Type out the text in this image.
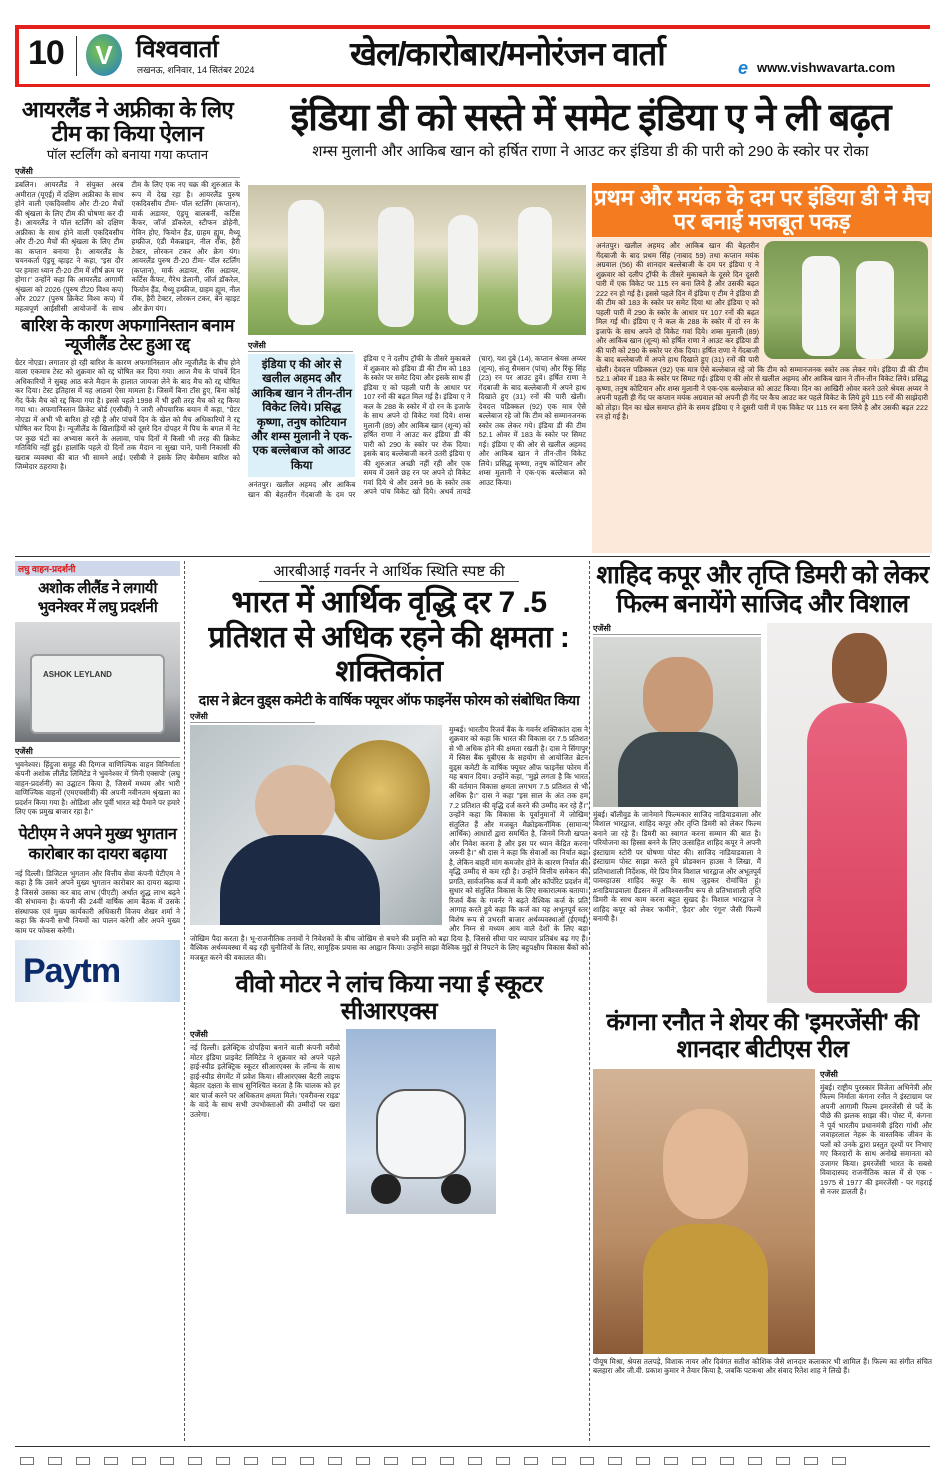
10	V विश्ववार्ता
लखनऊ, शनिवार, 14 सितंबर 2024	खेल/कारोबार/मनोरंजन वार्ता	e www.vishwavarta.com
आयरलैंड ने अफ्रीका के लिए टीम का किया ऐलान
पॉल स्टर्लिंग को बनाया गया कप्तान
एजेंसी
डबलिन। आयरलैंड ने संयुक्त अरब अमीरात (यूएई) में दक्षिण अफ्रीका के साथ होने वाली एकदिवसीय और टी-20 मैचों की श्रृंखला के लिए टीम की घोषणा कर दी है। आयरलैंड ने पॉल स्टर्लिंग को दक्षिण अफ्रीका के साथ होने वाली एकदिवसीय और टी-20 मैचों की श्रृंखला के लिए टीम का कप्तान बनाया है। आयरलैंड के चयनकर्ता एंड्रयू व्हाइट ने कहा, "इस दौर पर हमारा ध्यान टी-20 टीम में शीर्ष क्रम पर होगा।" उन्होंने कहा कि आयरलैंड आगामी श्रृंखला को 2026 (पुरुष टी20 विश्व कप) और 2027 (पुरुष क्रिकेट विश्व कप) में महत्वपूर्ण आईसीसी आयोजनों के साथ टीम के लिए एक नए चक्र की शुरुआत के रूप में देख रहा है। आयरलैंड पुरुष एकदिवसीय टीमः- पॉल स्टर्लिंग (कप्तान), मार्क अडायर, एंड्रयू बालबर्नी, कर्टिस कैंफर, जॉर्ज डॉकरेल, स्टीफन डोहेनी, गेविन होए, फियोन हैंड, ग्राहम ह्यूम, मैथ्यू हम्फ्रीज, एंडी मैकब्राइन, नील रॉक, हैरी टेक्टर, लोरकन टकर और क्रेग यंग। आयरलैंड पुरुष टी-20 टीमः- पॉल स्टर्लिंग (कप्तान), मार्क अडायर, रॉस अडायर, कर्टिस कैंफर, गैरेथ डेलानी, जॉर्ज डॉकरेल, फियोन हैंड, मैथ्यू हम्फ्रीज, ग्राहम ह्यूम, नील रॉक, हैरी टेक्टर, लोरकन टकर, बेन व्हाइट और क्रेग यंग।
बारिश के कारण अफगानिस्तान बनाम न्यूजीलैंड टेस्ट हुआ रद्द
ग्रेटर नोएडा। लगातार हो रही बारिश के कारण अफगानिस्तान और न्यूजीलैंड के बीच होने वाला एकमात्र टेस्ट को शुक्रवार को रद्द घोषित कर दिया गया। आज मैच के पांचवें दिन अधिकारियों ने सुबह आठ बजे मैदान के हालात जायजा लेने के बाद मैच को रद्द घोषित कर दिया। टेस्ट इतिहास में यह आठवां ऐसा मामला है। जिसमें बिना टॉस हुए, बिना कोई गेंद फेंके मैच को रद्द किया गया है। इससे पहले 1998 में भी इसी तरह मैच को रद्द किया गया था। अफगानिस्तान क्रिकेट बोर्ड (एसीबी) ने जारी औपचारिक बयान में कहा, "ग्रेटर नोएडा में अभी भी बारिश हो रही है और पांचवें दिन के खेल को मैच अधिकारियों ने रद्द घोषित कर दिया है। न्यूजीलैंड के खिलाड़ियों को दूसरे दिन दोपहर में पिच के बगल में नेट पर कुछ घंटों का अभ्यास करने के अलावा, पांच दिनों में किसी भी तरह की क्रिकेट गतिविधि नहीं हुई। हालांकि पहले दो दिनों तक मैदान ना सुखा पाने, पानी निकासी की खराब व्यवस्था की बात भी सामने आई। एसीबी ने इसके लिए बेमौसम बारिश को जिम्मेदार ठहराया है।
इंडिया डी को सस्ते में समेट इंडिया ए ने ली बढ़त
शम्स मुलानी और आकिब खान को हर्षित राणा ने आउट कर इंडिया डी की पारी को 290 के स्कोर पर रोका
एजेंसी
इंडिया ए की ओर से खलील अहमद और आकिब खान ने तीन-तीन विकेट लिये। प्रसिद्ध कृष्णा, तनुष कोटियान और शम्स मुलानी ने एक-एक बल्लेबाज को आउट किया
अनंतपुर। खलील अहमद और आकिब खान की बेहतरीन गेंदबाजी के दम पर इंडिया ए ने दलीप ट्रॉफी के तीसरे मुकाबले में शुक्रवार को इंडिया डी की टीम को 183 के स्कोर पर समेट दिया और इसके साथ ही इंडिया ए को पहली पारी के आधार पर 107 रनों की बढ़त मिल गई है। इंडिया ए ने कल के 288 के स्कोर में दो रन के इजाफे के साथ अपने दो विकेट गवां दिये। शम्स मुलानी (89) और आकिब खान (शून्य) को हर्षित राणा ने आउट कर इंडिया डी की पारी को 290 के स्कोर पर रोक दिया। इसके बाद बल्लेबाजी करने उतरी इंडिया ए की शुरुआत अच्छी नहीं रही और एक समय में उसने छह रन पर अपने दो विकेट गवां दिये थे और उसने 96 के स्कोर तक अपने पांच विकेट खो दिये। अथर्व तायडे (चार), यश दुबे (14), कप्तान श्रेयस अय्यर (शून्य), संजू सैमसन (पांच) और रिंकू सिंह (23) रन पर आउट हुये। हर्षित राणा ने गेंदबाजी के बाद बल्लेबाजी में अपने हाथ दिखाते हुए (31) रनों की पारी खेली। देवदत्त पडिक्कल (92) एक मात्र ऐसे बल्लेबाज रहे जो कि टीम को सम्मानजनक स्कोर तक लेकर गये। इंडिया डी की टीम 52.1 ओवर में 183 के स्कोर पर सिमट गई। इंडिया ए की ओर से खलील अहमद और आकिब खान ने तीन-तीन विकेट लिये। प्रसिद्ध कृष्णा, तनुष कोटियान और शम्स मुलानी ने एक-एक बल्लेबाज को आउट किया।
प्रथम और मयंक के दम पर इंडिया डी ने मैच पर बनाई मजबूत पकड़
अनंतपुर। खलील अहमद और आकिब खान की बेहतरीन गेंदबाजी के बाद प्रथम सिंह (नाबाद 59) तथा कप्तान मयंक अग्रवाल (56) की शानदार बल्लेबाजी के दम पर इंडिया ए ने शुक्रवार को दलीप ट्रॉफी के तीसरे मुकाबले के दूसरे दिन दूसरी पारी में एक विकेट पर 115 रन बना लिये है और उसकी बढ़त 222 रन हो गई है। इससे पहले दिन में इंडिया ए टीम ने इंडिया डी की टीम को 183 के स्कोर पर समेट दिया था और इंडिया ए को पहली पारी में 290 के स्कोर के आधार पर 107 रनों की बढ़त मिल गई थी। इंडिया ए ने कल के 288 के स्कोर में दो रन के इजाफे के साथ अपने दो विकेट गवां दिये। शम्स मुलानी (89) और आकिब खान (शून्य) को हर्षित राणा ने आउट कर इंडिया डी की पारी को 290 के स्कोर पर रोक दिया। हर्षित राणा ने गेंदबाजी के बाद बल्लेबाजी में अपने हाथ दिखाते हुए (31) रनों की पारी खेली। देवदत्त पडिक्कल (92) एक मात्र ऐसे बल्लेबाज रहे जो कि टीम को सम्मानजनक स्कोर तक लेकर गये। इंडिया डी की टीम 52.1 ओवर में 183 के स्कोर पर सिमट गई। इंडिया ए की ओर से खलील अहमद और आकिब खान ने तीन-तीन विकेट लिये। प्रसिद्ध कृष्णा, तनुष कोटियान और शम्स मुलानी ने एक-एक बल्लेबाज को आउट किया। दिन का आखिरी ओवर करने उतरे श्रेयस अय्यर ने अपनी पहली ही गेंद पर कप्तान मयंक अग्रवाल को अपनी ही गेंद पर कैच आउट कर पहले विकेट के लिये हुये 115 रनों की साझेदारी को तोड़ा। दिन का खेल समाप्त होने के समय इंडिया ए ने दूसरी पारी में एक विकेट पर 115 रन बना लिये है और उसकी बढ़त 222 रन हो गई है।
लघु वाहन-प्रदर्शनी
अशोक लीलैंड ने लगायी भुवनेश्वर में लघु प्रदर्शनी
ASHOK LEYLAND
एजेंसी
भुवनेश्वर। हिंदुजा समूह की दिग्गज वाणिज्यिक वाहन विनिर्माता कंपनी अशोक लीलैंड लिमिटेड ने भुवनेश्वर में 'मिनी एक्सपो' (लघु वाहन-प्रदर्शनी) का उद्घाटन किया है, जिसमें मध्यम और भारी वाणिज्यिक वाहनों (एमएचसीवी) की अपनी नवीनतम श्रृंखला का प्रदर्शन किया गया है। ओडिशा और पूर्वी भारत बड़े पैमाने पर हमारे लिए एक प्रमुख बाजार रहा है।"
पेटीएम ने अपने मुख्य भुगतान कारोबार का दायरा बढ़ाया
नई दिल्ली। डिजिटल भुगतान और वित्तीय सेवा कंपनी पेटीएम ने कहा है कि उसने अपने मुख्य भुगतान कारोबार का दायरा बढ़ाया है जिससे उसका कर बाद लाभ (पीएटी) अर्थात शुद्ध लाभ बढ़ने की संभावना है। कंपनी की 24वीं वार्षिक आम बैठक में उसके संस्थापक एवं मुख्य कार्यकारी अधिकारी विजय शेखर शर्मा ने कहा कि कंपनी सभी नियमों का पालन करेगी और अपने मुख्य काम पर फोकस करेगी।
Paytm
आरबीआई गवर्नर ने आर्थिक स्थिति स्पष्ट की
भारत में आर्थिक वृद्धि दर 7 .5 प्रतिशत से अधिक रहने की क्षमता : शक्तिकांत
दास ने ब्रेटन वुड्स कमेटी के वार्षिक फ्यूचर ऑफ फाइनेंस फोरम को संबोधित किया
एजेंसी
मुम्बई। भारतीय रिजर्व बैंक के गवर्नर शक्तिकांत दास ने शुक्रवार को कहा कि भारत की विकास दर 7.5 प्रतिशत से भी अधिक होने की क्षमता रखती है। दास ने सिंगापुर में स्विस बैंक यूबीएस के सहयोग से आयोजित ब्रेटन वुड्स कमेटी के वार्षिक फ्यूचर ऑफ फाइनेंस फोरम में यह बयान दिया। उन्होंने कहा, "मुझे लगता है कि भारत की वर्तमान विकास क्षमता लगभग 7.5 प्रतिशत से भी अधिक है।" दास ने कहा "इस साल के अंत तक हम 7.2 प्रतिशत की वृद्धि दर्ज करने की उम्मीद कर रहे हैं।" उन्होंने कहा कि विकास के पूर्वानुमानों में जोखिम संतुलित हैं और मजबूत मैक्रोइकनॉमिक (सामान्य आर्थिक) आधारों द्वारा समर्थित है, जिनमें निजी खपत और निवेश करना है और इस पर ध्यान केंद्रित करना जरूरी है।" श्री दास ने कहा कि सेवाओं का निर्यात बढ़ा है, लेकिन बाहरी मांग कमजोर होने के कारण निर्यात की वृद्धि उम्मीद से कम रही है। उन्होंने वित्तीय समेकन की प्रगति, सार्वजनिक कर्ज में कमी और कॉर्पोरेट प्रदर्शन में सुधार को संतुलित विकास के लिए सकारात्मक बताया। रिजर्व बैंक के गवर्नर ने बढ़ते वैश्विक कर्ज के प्रति आगाह करते हुये कहा कि कर्ज का यह अभूतपूर्व स्तर विशेष रूप से उभरती बाजार अर्थव्यवस्थाओं (ईएमई) और निम्न से मध्यम आय वाले देशों के लिए बड़ा जोखिम पैदा करता है। भू-राजनीतिक तनावों ने निवेशकों के बीच जोखिम से बचने की प्रवृत्ति को बढ़ा दिया है, जिससे सीमा पार व्यापार प्रतिबंध बढ़ गए हैं। वैश्विक अर्थव्यवस्था में बढ़ रही चुनौतियों के लिए, सामूहिक प्रयास का आह्वान किया। उन्होंने साझा वैश्विक मुद्दों से निपटने के लिए बहुपक्षीय विकास बैंकों को मजबूत करने की वकालत की।
वीवो मोटर ने लांच किया नया ई स्कूटर सीआरएक्स
एजेंसी
नई दिल्ली। इलेक्ट्रिक दोपहिया बनाने वाली कंपनी वरीवो मोटर इंडिया प्राइवेट लिमिटेड ने शुक्रवार को अपने पहले हाई-स्पीड इलेक्ट्रिक स्कूटर सीआरएक्स के लॉन्च के साथ हाई-स्पीड सेगमेंट में प्रवेश किया। सीआरएक्स बैटरी लाइफ बेहतर दक्षता के साथ सुनिश्चित करता है कि चालक को हर बार चार्ज करने पर अधिकतम क्षमता मिले। 'एवरीवन्स राइड' के वादे के साथ सभी उपभोक्ताओं की उम्मीदों पर खरा उतरेगा।
शाहिद कपूर और तृप्ति डिमरी को लेकर फिल्म बनायेंगे साजिद और विशाल
एजेंसी
मुंबई। बॉलीवुड के जानेमाने फिल्मकार साजिद नाडियाडवाला और विशाल भारद्वाज, शाहिद कपूर और तृप्ति डिमरी को लेकर फिल्म बनाने जा रहे हैं। डिमरी का स्वागत करना सम्मान की बात है। परियोजना का हिस्सा बनने के लिए उत्साहित शाहिद कपूर ने अपनी इंस्टाग्राम स्टोरी पर घोषणा पोस्ट की। साजिद नाडियाडवाला ने इंस्टाग्राम पोस्ट साझा करते हुये प्रोडक्शन हाउस ने लिखा, मैं प्रतिभाशाली निर्देशक, मेरे प्रिय मित्र विशाल भारद्वाज और अभूतपूर्व पावरहाउस शाहिद कपूर के साथ जुड़कर रोमांचित हूं। #नाडियाडवाला ग्रैंडसन में अविश्वसनीय रूप से प्रतिभाशाली तृप्ति डिमरी के साथ काम करना बहुत सुखद है। विशाल भारद्वाज ने शाहिद कपूर को लेकर 'कमीने', 'हैदर' और 'रंगून' जैसी फिल्में बनायी है।
कंगना रनौत ने शेयर की 'इमरजेंसी' की शानदार बीटीएस रील
एजेंसी
मुंबई। राष्ट्रीय पुरस्कार विजेता अभिनेत्री और फिल्म निर्माता कंगना रनौत ने इंस्टाग्राम पर अपनी आगामी फिल्म इमरजेंसी से पर्दे के पीछे की झलक साझा की। पोस्ट में, कंगना ने पूर्व भारतीय प्रधानमंत्री इंदिरा गांधी और जवाहरलाल नेहरू के वास्तविक जीवन के पलों को उनके द्वारा प्रस्तुत दृश्यों पर निभाए गए किरदारों के साथ अनोखे समानता को उजागर किया। इमरजेंसी भारत के सबसे विवादास्पद राजनीतिक काल में से एक - 1975 से 1977 की इमरजेंसी - पर गहराई से नजर डालती है।
पीयूष मिश्रा, श्रेयस तलपड़े, विशाक नायर और दिवंगत सतीश कौशिक जैसे शानदार कलाकार भी शामिल हैं। फिल्म का संगीत संचित बलहारा और जी.वी. प्रकाश कुमार ने तैयार किया है, जबकि पटकथा और संवाद रितेश शाह ने लिखे हैं।
